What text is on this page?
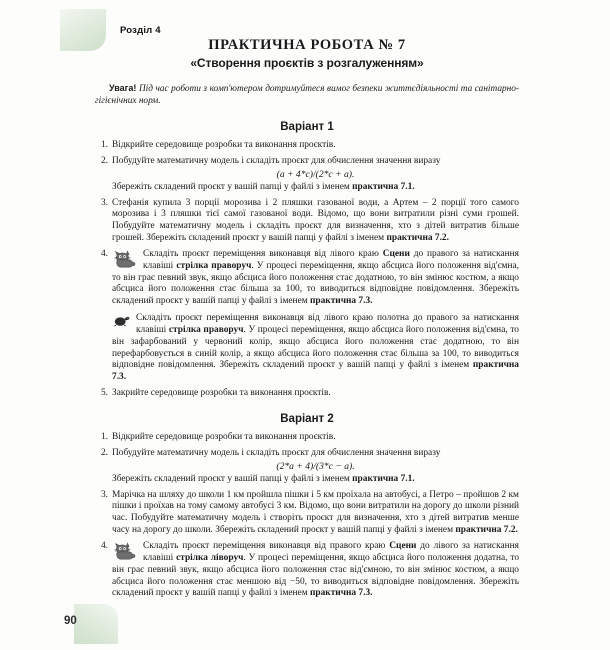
Розділ 4
ПРАКТИЧНА РОБОТА № 7
«Створення проєктів з розгалуженням»

Увага! Під час роботи з комп'ютером дотримуйтеся вимог безпеки життєдіяльності та санітарно-гігієнічних норм.

Варіант 1
1. Відкрийте середовище розробки та виконання проєктів.
2. Побудуйте математичну модель і складіть проєкт для обчислення значення виразу
(a + 4*c)/(2*c + a).
Збережіть складений проєкт у вашій папці у файлі з іменем практична 7.1.
3. Стефанія купила 3 порції морозива і 2 пляшки газованої води, а Артем – 2 порції того самого морозива і 3 пляшки тієї самої газованої води. Відомо, що вони витратили різні суми грошей. Побудуйте математичну модель і складіть проєкт для визначення, хто з дітей витратив більше грошей. Збережіть складений проєкт у вашій папці у файлі з іменем практична 7.2.
4.	Складіть проєкт переміщення виконавця від лівого краю Сцени до правого за натискання клавіші стрілка праворуч. У процесі переміщення, якщо абсциса його положення від'ємна, то він грає певний звук, якщо абсциса його положення стає додатною, то він змінює костюм, а якщо абсциса його положення стає більша за 100, то виводиться відповідне повідомлення. Збережіть складений проєкт у вашій папці у файлі з іменем практична 7.3.
Складіть проєкт переміщення виконавця від лівого краю полотна до правого за натискання клавіші стрілка праворуч. У процесі переміщення, якщо абсциса його положення від'ємна, то він зафарбований у червоний колір, якщо абсциса його положення стає додатною, то він перефарбовується в синій колір, а якщо абсциса його положення стає більша за 100, то виводиться відповідне повідомлення. Збережіть складений проєкт у вашій папці у файлі з іменем практична 7.3.
5. Закрийте середовище розробки та виконання проєктів.
Варіант 2
1. Відкрийте середовище розробки та виконання проєктів.
2. Побудуйте математичну модель і складіть проєкт для обчислення значення виразу
(2*a + 4)/(3*c − a).
Збережіть складений проєкт у вашій папці у файлі з іменем практична 7.1.
3. Марічка на шляху до школи 1 км пройшла пішки і 5 км проїхала на автобусі, а Петро – пройшов 2 км пішки і проїхав на тому самому автобусі 3 км. Відомо, що вони витратили на дорогу до школи різний час. Побудуйте математичну модель і створіть проєкт для визначення, хто з дітей витратив менше часу на дорогу до школи. Збережіть складений проєкт у вашій папці у файлі з іменем практична 7.2.
4.	Складіть проєкт переміщення виконавця від правого краю Сцени до лівого за натискання клавіші стрілка ліворуч. У процесі переміщення, якщо абсциса його положення додатна, то він грає певний звук, якщо абсциса його положення стає від'ємною, то він змінює костюм, а якщо абсциса його положення стає меншою від −50, то виводиться відповідне повідомлення. Збережіть складений проєкт у вашій папці у файлі з іменем практична 7.3.
90
